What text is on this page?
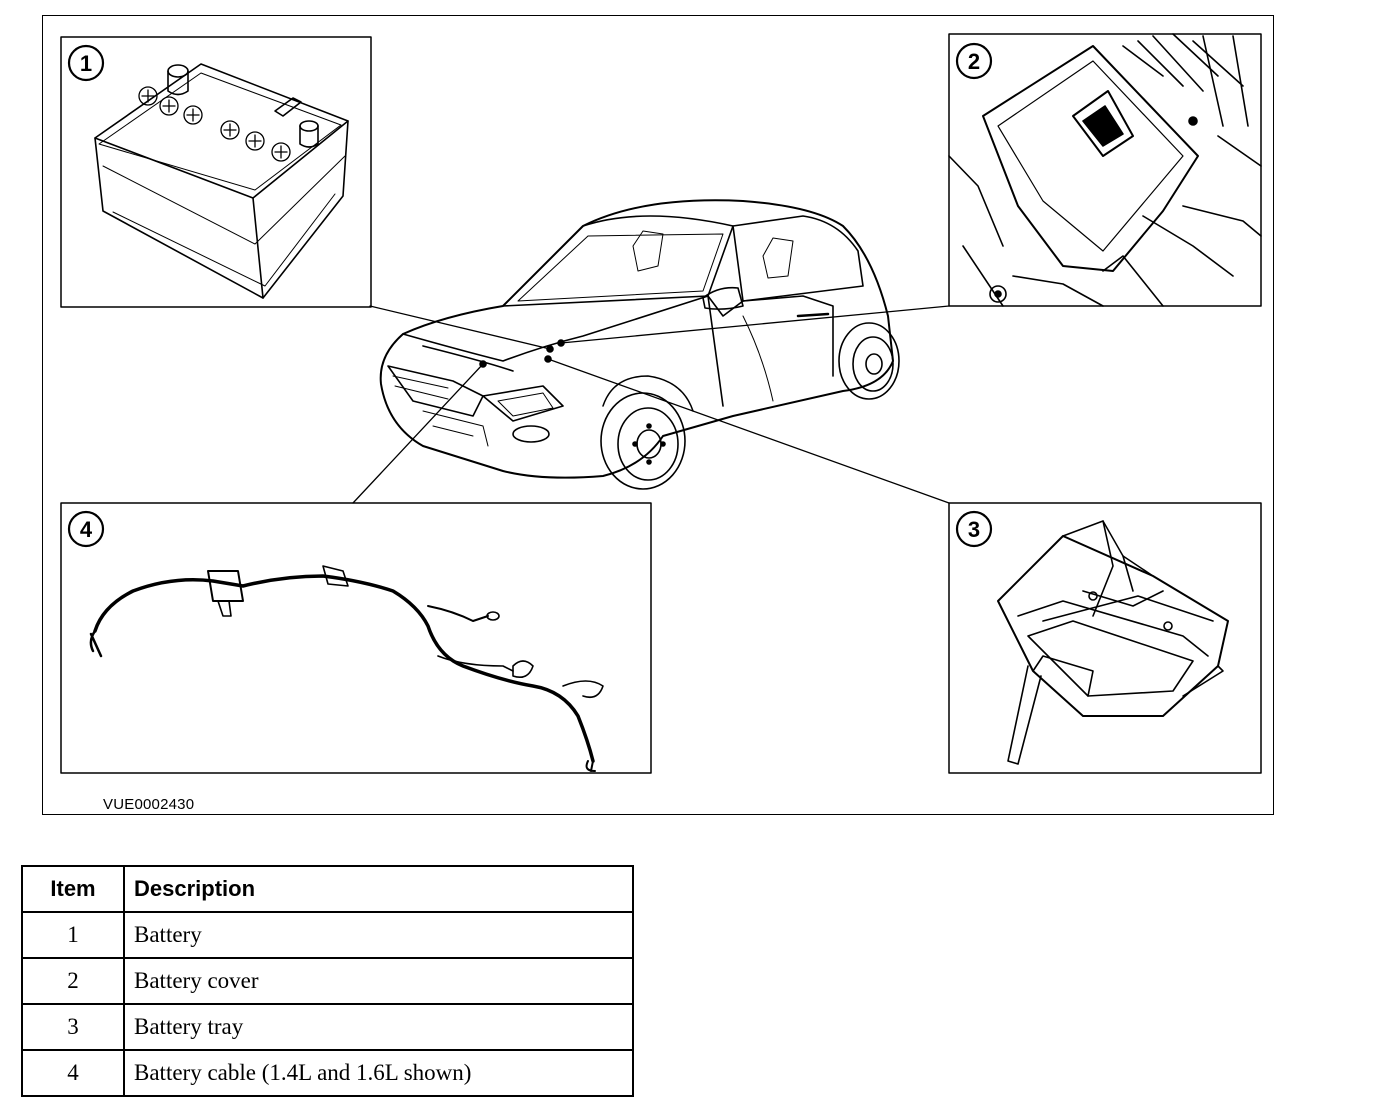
1	2
3
4
VUE0002430
Item	Description
1	Battery
2	Battery cover
3	Battery tray
4	Battery cable (1.4L and 1.6L shown)
